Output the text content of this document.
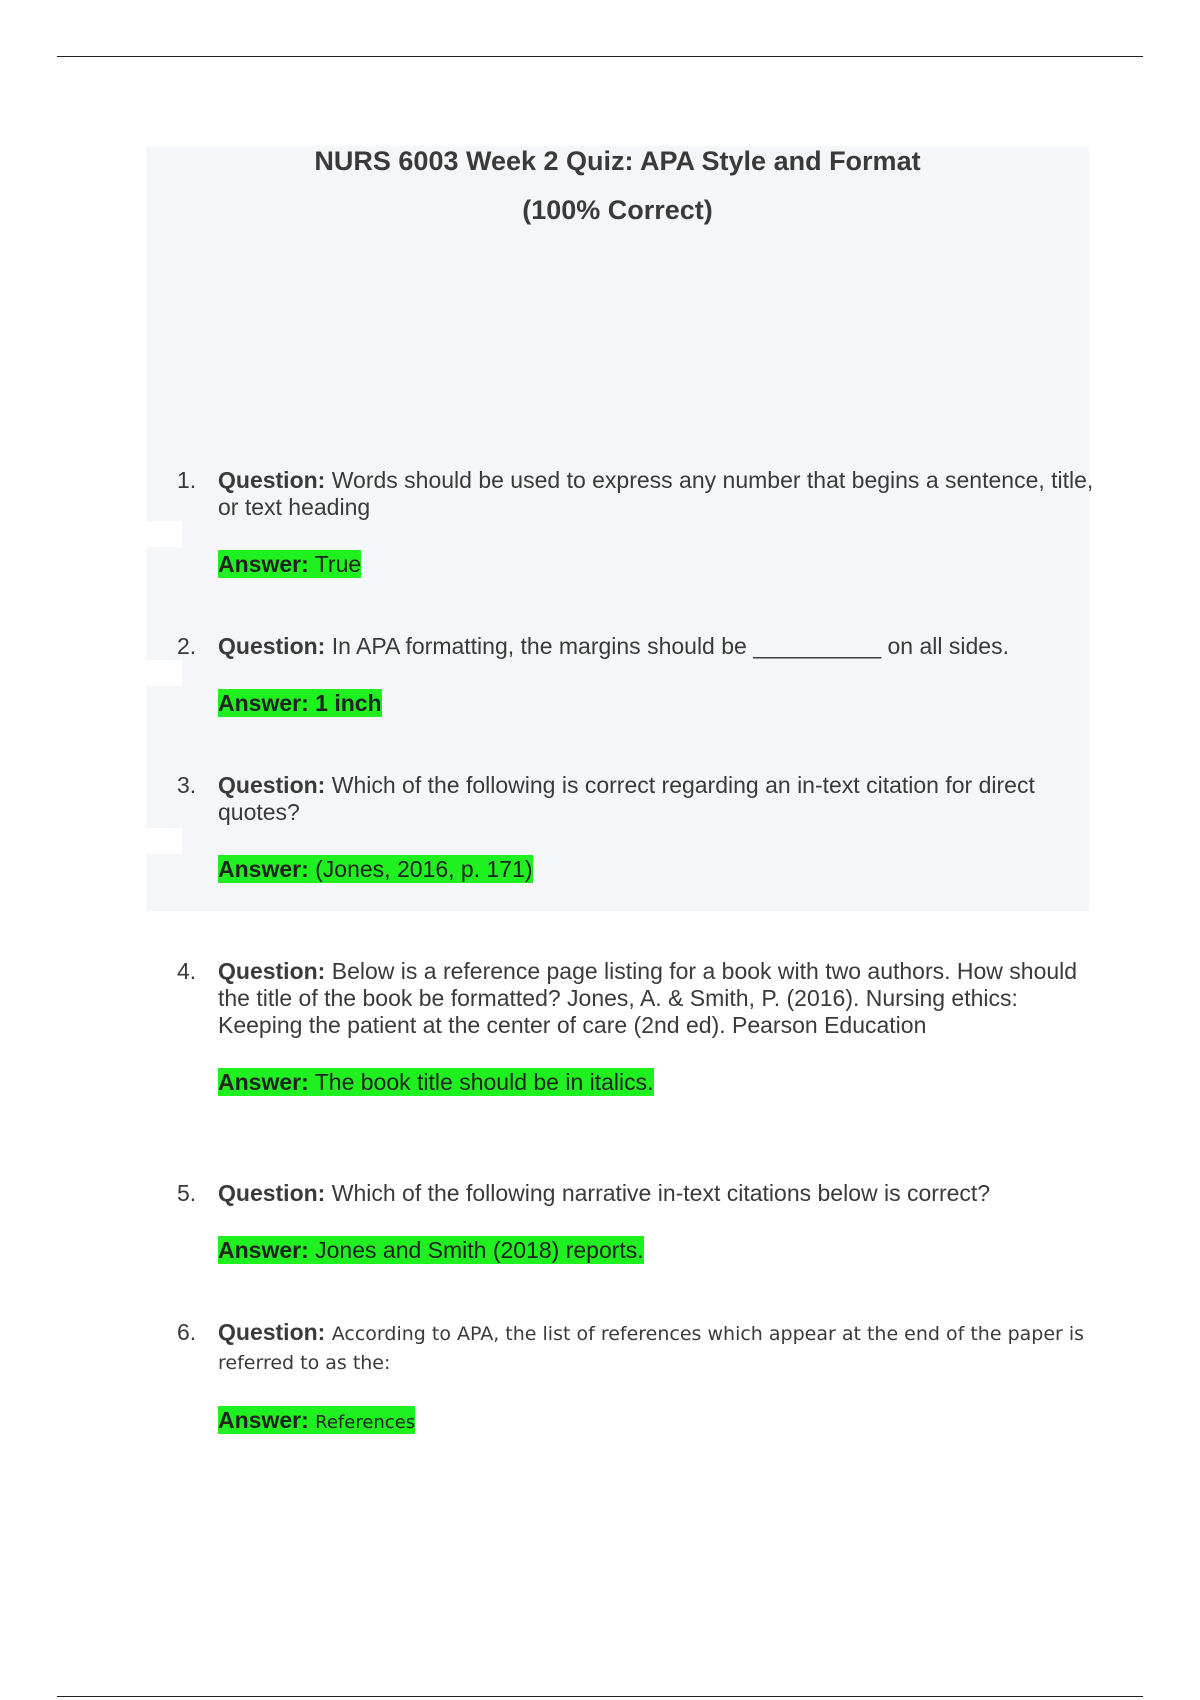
NURS 6003 Week 2 Quiz: APA Style and Format
(100% Correct)

1. Question: Words should be used to express any number that begins a sentence, title, or text heading

Answer: True

2. Question: In APA formatting, the margins should be __________ on all sides.

Answer: 1 inch

3. Question: Which of the following is correct regarding an in-text citation for direct quotes?

Answer: (Jones, 2016, p. 171)

4. Question: Below is a reference page listing for a book with two authors. How should the title of the book be formatted? Jones, A. & Smith, P. (2016). Nursing ethics: Keeping the patient at the center of care (2nd ed). Pearson Education

Answer: The book title should be in italics.

5. Question: Which of the following narrative in-text citations below is correct?

Answer: Jones and Smith (2018) reports.

6. Question: According to APA, the list of references which appear at the end of the paper is referred to as the:

Answer: References
